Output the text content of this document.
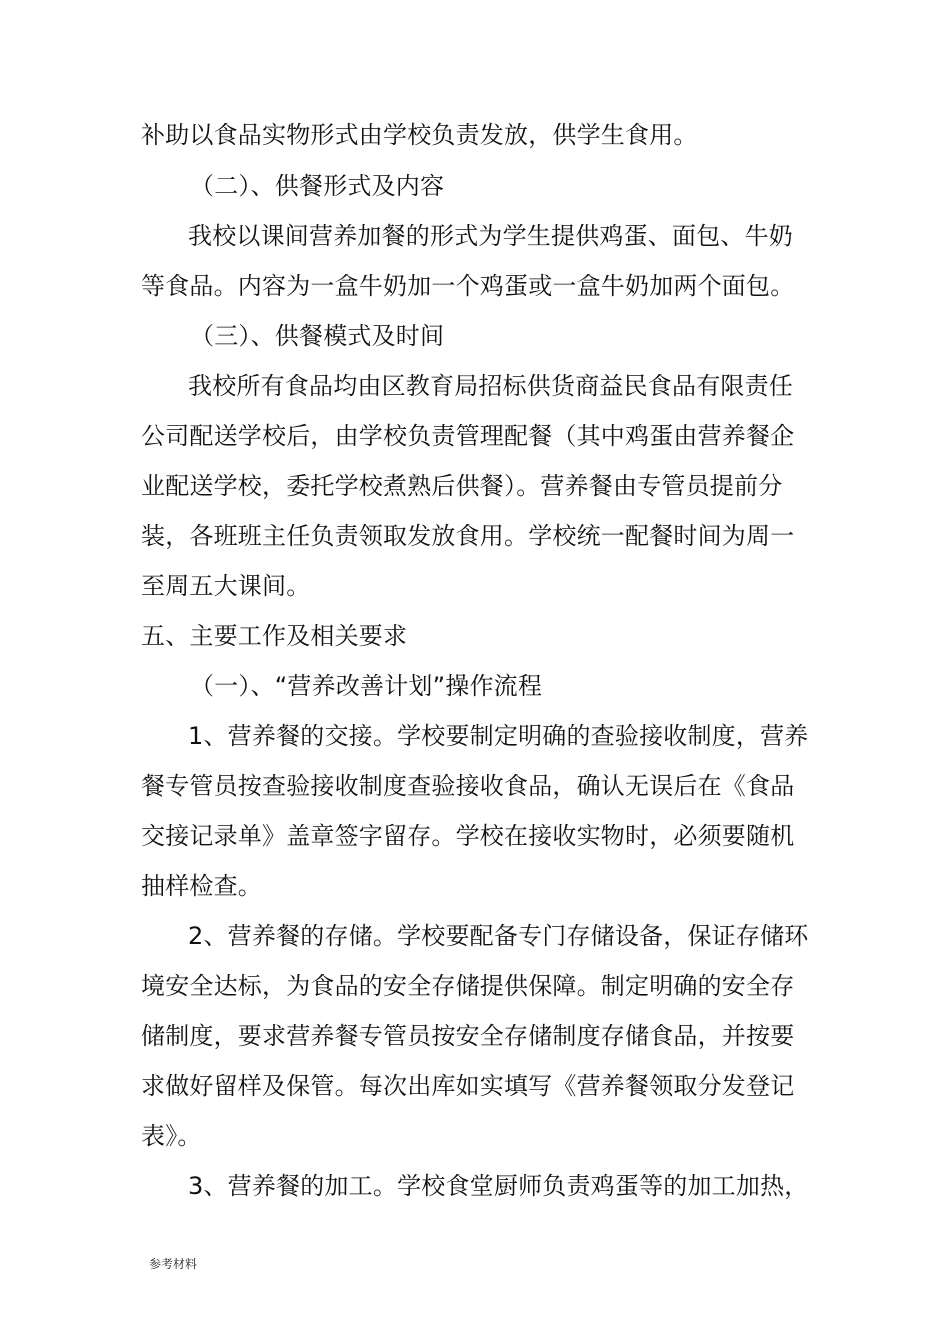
补助以食品实物形式由学校负责发放，供学生食用。
（二）、供餐形式及内容
我校以课间营养加餐的形式为学生提供鸡蛋、面包、牛奶
等食品。内容为一盒牛奶加一个鸡蛋或一盒牛奶加两个面包。
（三）、供餐模式及时间
我校所有食品均由区教育局招标供货商益民食品有限责任
公司配送学校后，由学校负责管理配餐（其中鸡蛋由营养餐企
业配送学校，委托学校煮熟后供餐）。营养餐由专管员提前分
装，各班班主任负责领取发放食用。学校统一配餐时间为周一
至周五大课间。
五、主要工作及相关要求
（一）、“营养改善计划”操作流程
1、营养餐的交接。学校要制定明确的查验接收制度，营养
餐专管员按查验接收制度查验接收食品，确认无误后在《食品
交接记录单》盖章签字留存。学校在接收实物时，必须要随机
抽样检查。
2、营养餐的存储。学校要配备专门存储设备，保证存储环
境安全达标，为食品的安全存储提供保障。制定明确的安全存
储制度，要求营养餐专管员按安全存储制度存储食品，并按要
求做好留样及保管。每次出库如实填写《营养餐领取分发登记
表》。
3、营养餐的加工。学校食堂厨师负责鸡蛋等的加工加热，
参考材料
